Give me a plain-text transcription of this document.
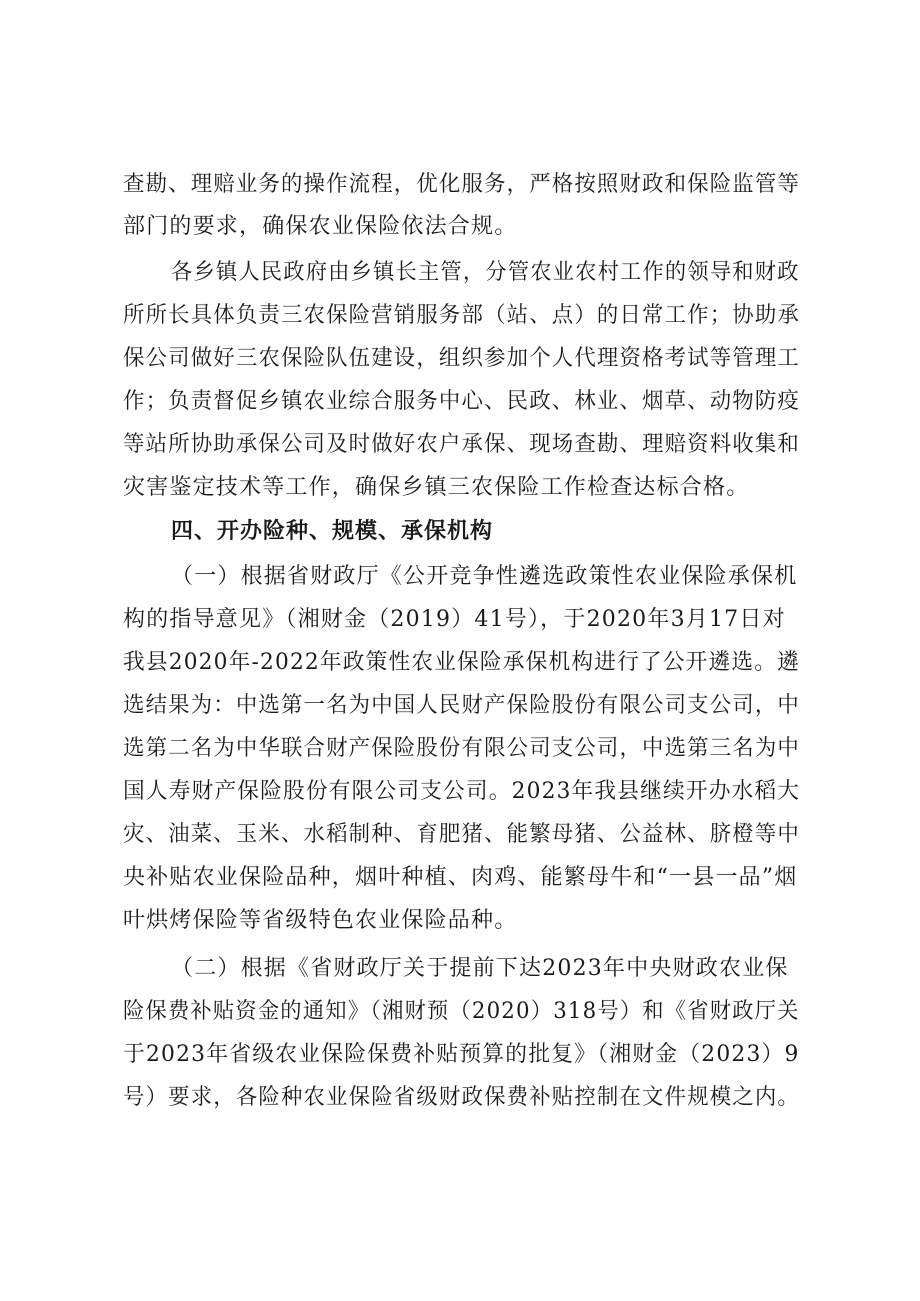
查勘、理赔业务的操作流程，优化服务，严格按照财政和保险监管等
部门的要求，确保农业保险依法合规。
各乡镇人民政府由乡镇长主管，分管农业农村工作的领导和财政
所所长具体负责三农保险营销服务部（站、点）的日常工作；协助承
保公司做好三农保险队伍建设，组织参加个人代理资格考试等管理工
作；负责督促乡镇农业综合服务中心、民政、林业、烟草、动物防疫
等站所协助承保公司及时做好农户承保、现场查勘、理赔资料收集和
灾害鉴定技术等工作，确保乡镇三农保险工作检查达标合格。
四、开办险种、规模、承保机构
（一）根据省财政厅《公开竞争性遴选政策性农业保险承保机
构的指导意见》（湘财金（2019）41号），于2020年3月17日对
我县2020年-2022年政策性农业保险承保机构进行了公开遴选。遴
选结果为：中选第一名为中国人民财产保险股份有限公司支公司，中
选第二名为中华联合财产保险股份有限公司支公司，中选第三名为中
国人寿财产保险股份有限公司支公司。2023年我县继续开办水稻大
灾、油菜、玉米、水稻制种、育肥猪、能繁母猪、公益林、脐橙等中
央补贴农业保险品种，烟叶种植、肉鸡、能繁母牛和“一县一品”烟
叶烘烤保险等省级特色农业保险品种。
（二）根据《省财政厅关于提前下达2023年中央财政农业保
险保费补贴资金的通知》（湘财预（2020）318号）和《省财政厅关
于2023年省级农业保险保费补贴预算的批复》（湘财金（2023）9
号）要求，各险种农业保险省级财政保费补贴控制在文件规模之内。
